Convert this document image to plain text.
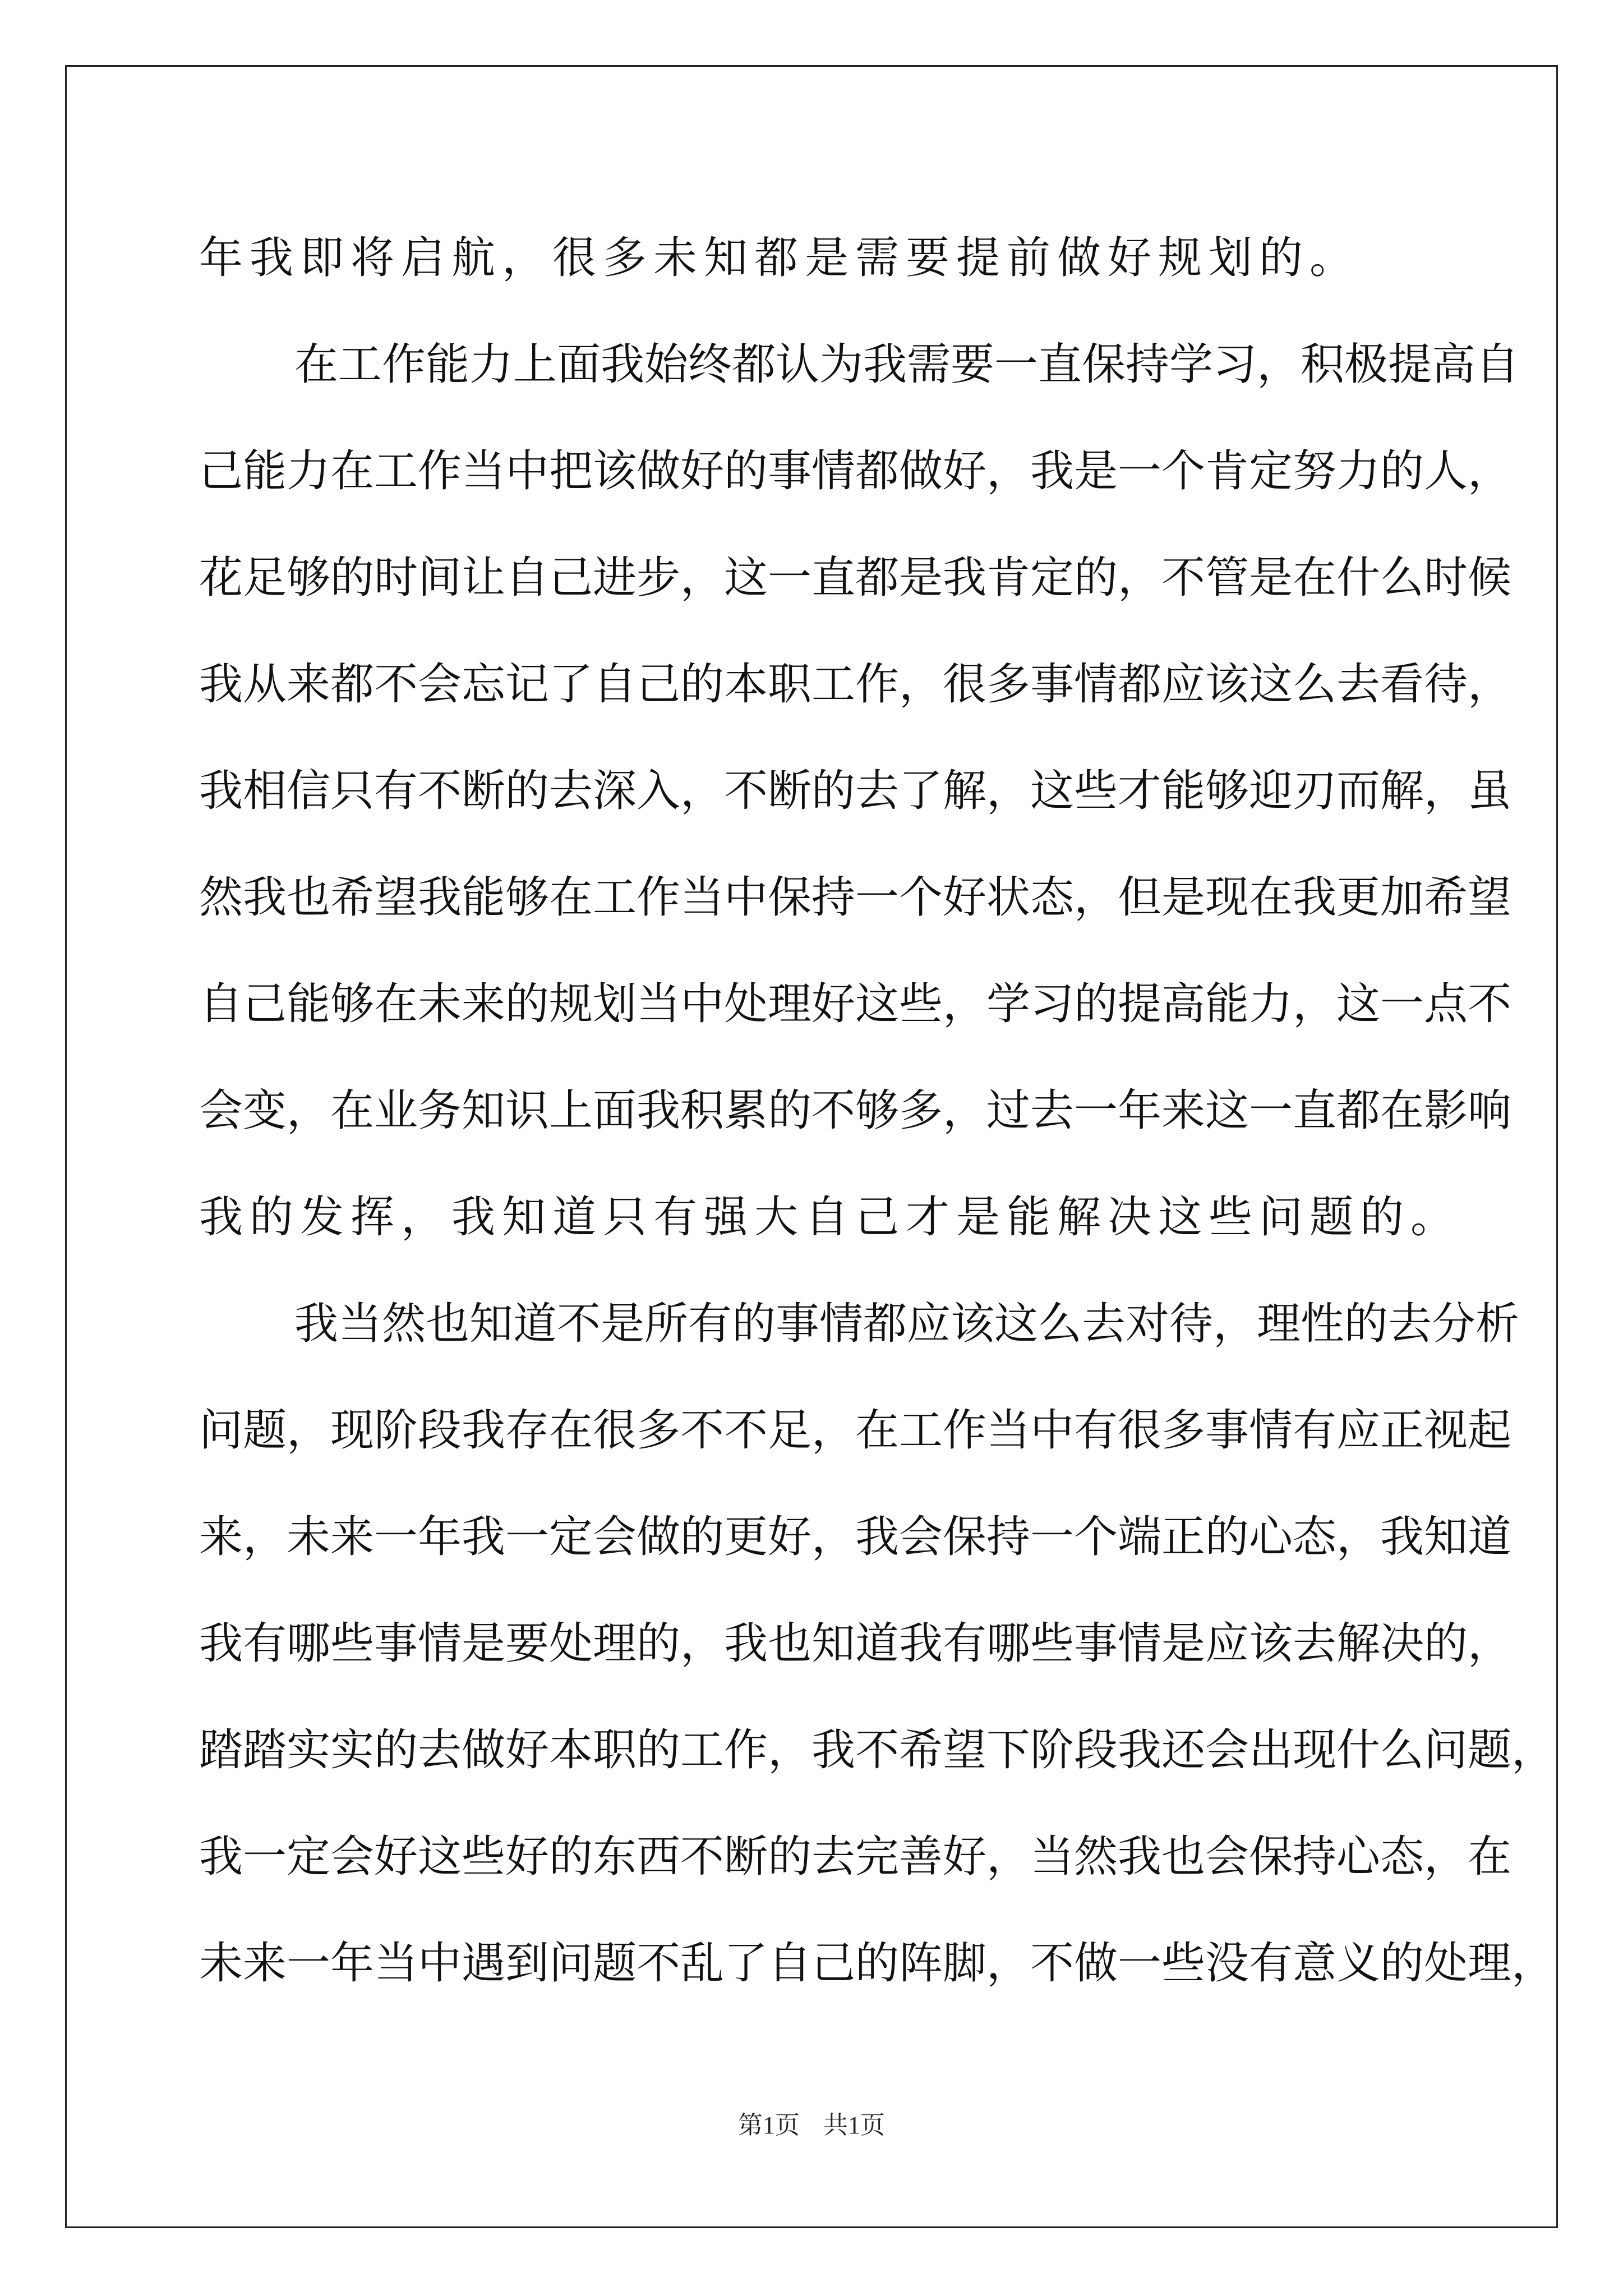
年我即将启航，很多未知都是需要提前做好规划的。
在工作能力上面我始终都认为我需要一直保持学习，积极提高自
己能力在工作当中把该做好的事情都做好，我是一个肯定努力的人，
花足够的时间让自己进步，这一直都是我肯定的，不管是在什么时候
我从来都不会忘记了自己的本职工作，很多事情都应该这么去看待，
我相信只有不断的去深入，不断的去了解，这些才能够迎刃而解，虽
然我也希望我能够在工作当中保持一个好状态，但是现在我更加希望
自己能够在未来的规划当中处理好这些，学习的提高能力，这一点不
会变，在业务知识上面我积累的不够多，过去一年来这一直都在影响
我的发挥，我知道只有强大自己才是能解决这些问题的。
我当然也知道不是所有的事情都应该这么去对待，理性的去分析
问题，现阶段我存在很多不不足，在工作当中有很多事情有应正视起
来，未来一年我一定会做的更好，我会保持一个端正的心态，我知道
我有哪些事情是要处理的，我也知道我有哪些事情是应该去解决的，
踏踏实实的去做好本职的工作，我不希望下阶段我还会出现什么问题，
我一定会好这些好的东西不断的去完善好，当然我也会保持心态，在
未来一年当中遇到问题不乱了自己的阵脚，不做一些没有意义的处理，
第1页 共1页
